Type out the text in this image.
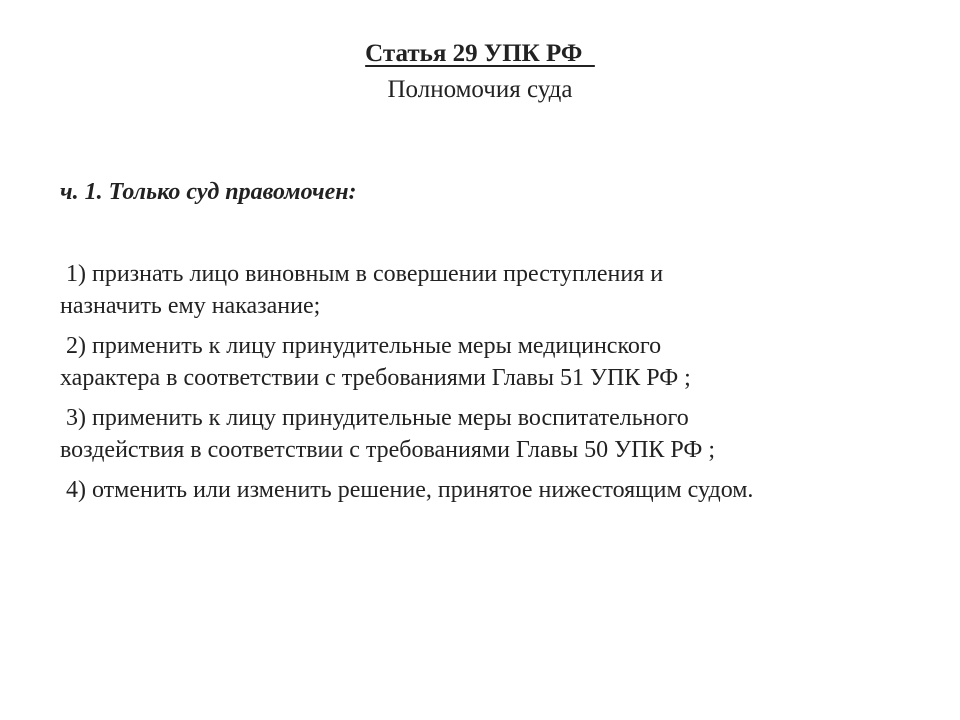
Статья 29 УПК РФ
Полномочия суда
ч. 1. Только суд правомочен:
1) признать лицо виновным в совершении преступления и
назначить ему наказание;
2) применить к лицу принудительные меры медицинского
характера в соответствии с требованиями Главы 51 УПК РФ ;
3) применить к лицу принудительные меры воспитательного
воздействия в соответствии с требованиями Главы 50 УПК РФ ;
4) отменить или изменить решение, принятое нижестоящим судом.
